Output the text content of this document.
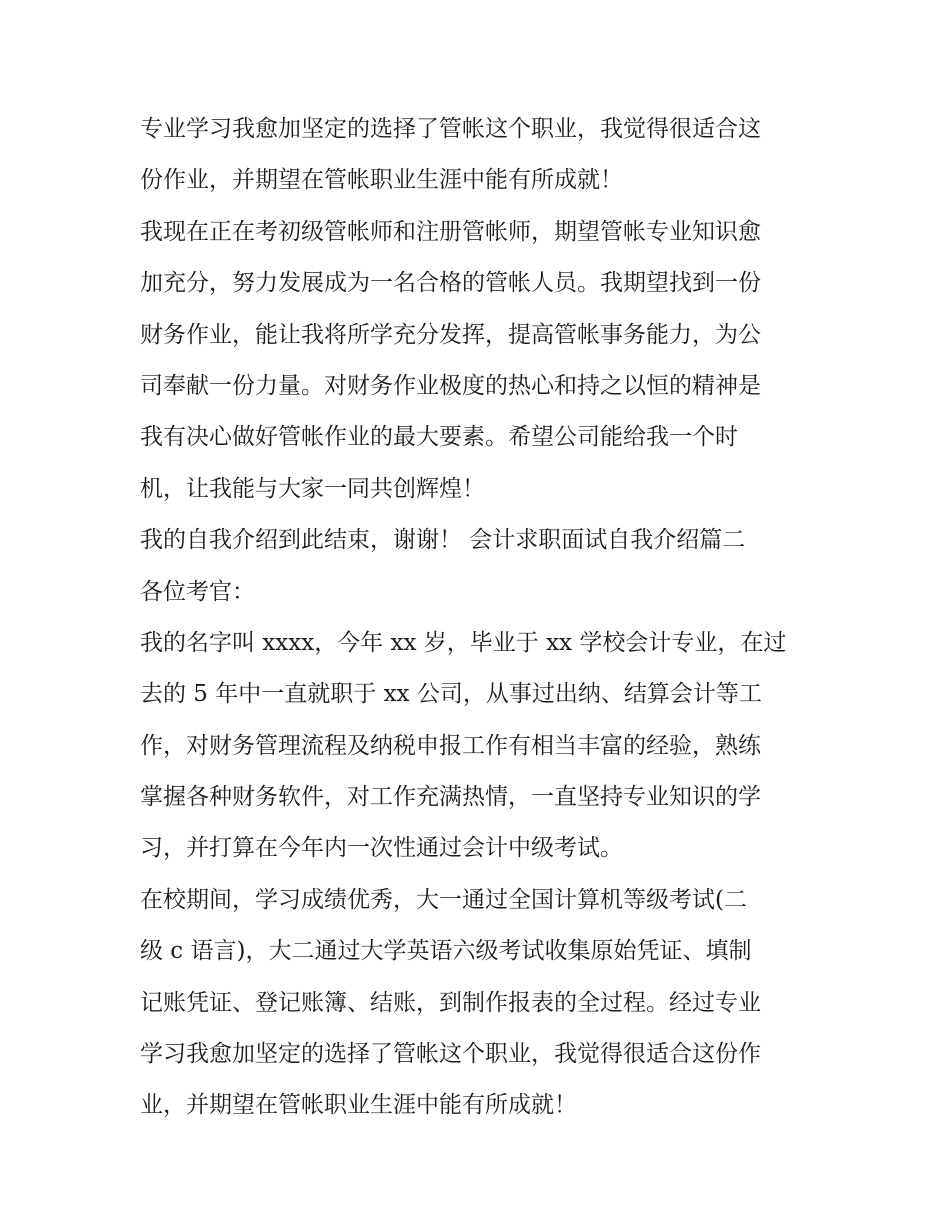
专业学习我愈加坚定的选择了管帐这个职业，我觉得很适合这
份作业，并期望在管帐职业生涯中能有所成就！
我现在正在考初级管帐师和注册管帐师，期望管帐专业知识愈
加充分，努力发展成为一名合格的管帐人员。我期望找到一份
财务作业，能让我将所学充分发挥，提高管帐事务能力，为公
司奉献一份力量。对财务作业极度的热心和持之以恒的精神是
我有决心做好管帐作业的最大要素。希望公司能给我一个时
机，让我能与大家一同共创辉煌！
我的自我介绍到此结束，谢谢！ 会计求职面试自我介绍篇二
各位考官：
我的名字叫 xxxx，今年 xx 岁，毕业于 xx 学校会计专业，在过
去的 5 年中一直就职于 xx 公司，从事过出纳、结算会计等工
作，对财务管理流程及纳税申报工作有相当丰富的经验，熟练
掌握各种财务软件，对工作充满热情，一直坚持专业知识的学
习，并打算在今年内一次性通过会计中级考试。
在校期间，学习成绩优秀，大一通过全国计算机等级考试(二
级 c 语言)，大二通过大学英语六级考试收集原始凭证、填制
记账凭证、登记账簿、结账，到制作报表的全过程。经过专业
学习我愈加坚定的选择了管帐这个职业，我觉得很适合这份作
业，并期望在管帐职业生涯中能有所成就！
